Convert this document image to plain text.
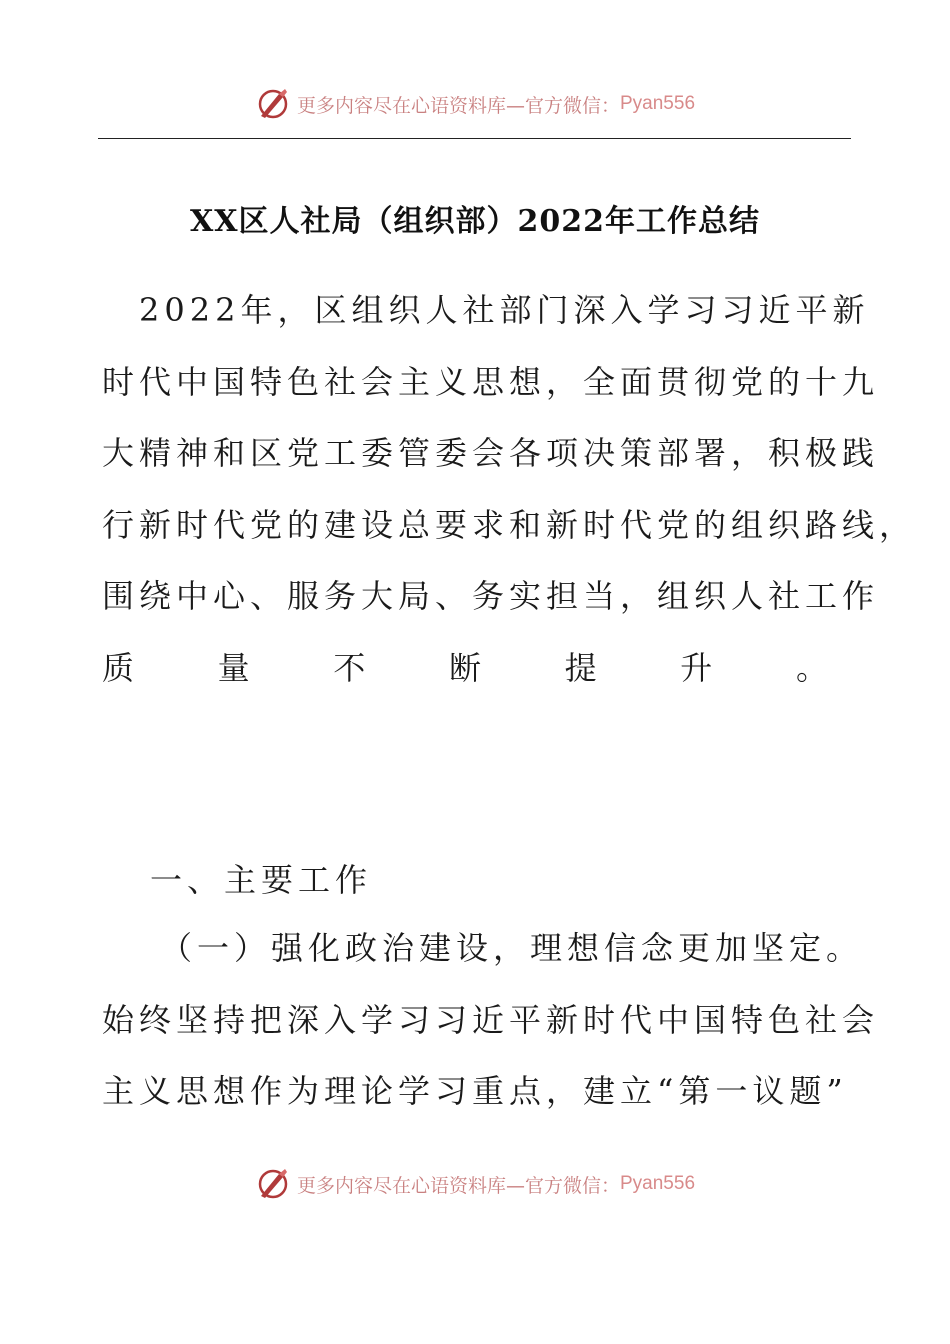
更多内容尽在心语资料库—官方微信： Pyan556
XX区人社局（组织部）2022年工作总结
　2022年，区组织人社部门深入学习习近平新
时代中国特色社会主义思想，全面贯彻党的十九
大精神和区党工委管委会各项决策部署，积极践
行新时代党的建设总要求和新时代党的组织路线，
围绕中心、服务大局、务实担当，组织人社工作
质	量	不	断	提	升	。
一、主要工作
（一）强化政治建设，理想信念更加坚定。
始终坚持把深入学习习近平新时代中国特色社会
主义思想作为理论学习重点，建立“第一议题”
更多内容尽在心语资料库—官方微信： Pyan556
